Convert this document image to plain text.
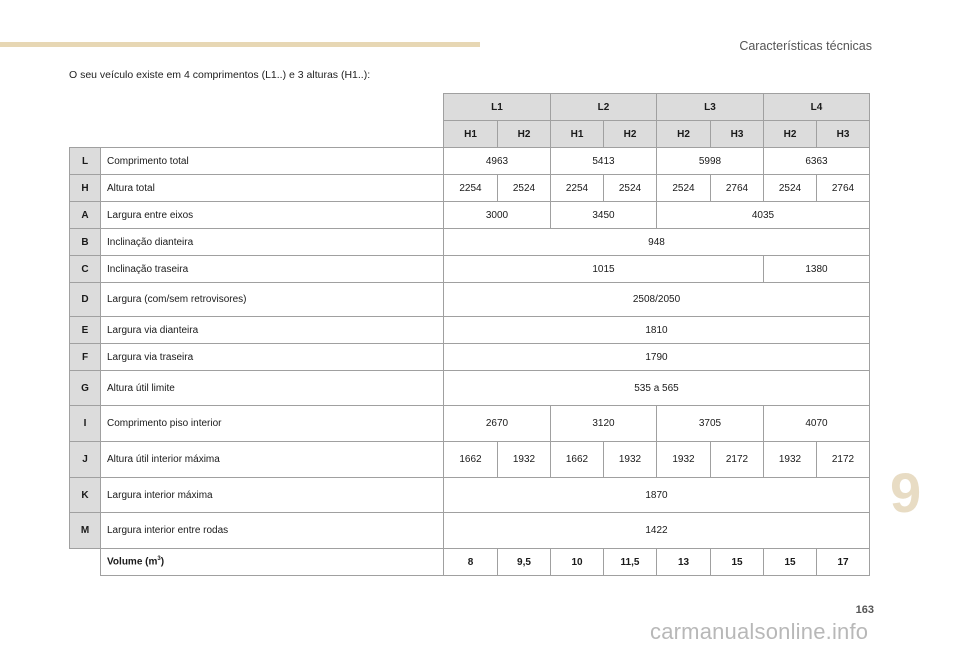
Características técnicas
O seu veículo existe em 4 comprimentos (L1..) e 3 alturas (H1..):
		L1		L2		L3		L4	
		H1	H2	H1	H2	H2	H3	H2	H3
L	Comprimento total	4963		5413		5998		6363	
H	Altura total	2254	2524	2254	2524	2524	2764	2524	2764
A	Largura entre eixos	3000		3450		4035			
B	Inclinação dianteira	948							
C	Inclinação traseira	1015						1380	
D	Largura (com/sem retrovisores)	2508/2050							
E	Largura via dianteira	1810							
F	Largura via traseira	1790							
G	Altura útil limite	535 a 565							
I	Comprimento piso interior	2670		3120		3705		4070	
J	Altura útil interior máxima	1662	1932	1662	1932	1932	2172	1932	2172
K	Largura interior máxima	1870							
M	Largura interior entre rodas	1422							
	Volume $(m^3)$	8	9,5	10	11,5	13	15	15	17
9
163
carmanualsonline.info
